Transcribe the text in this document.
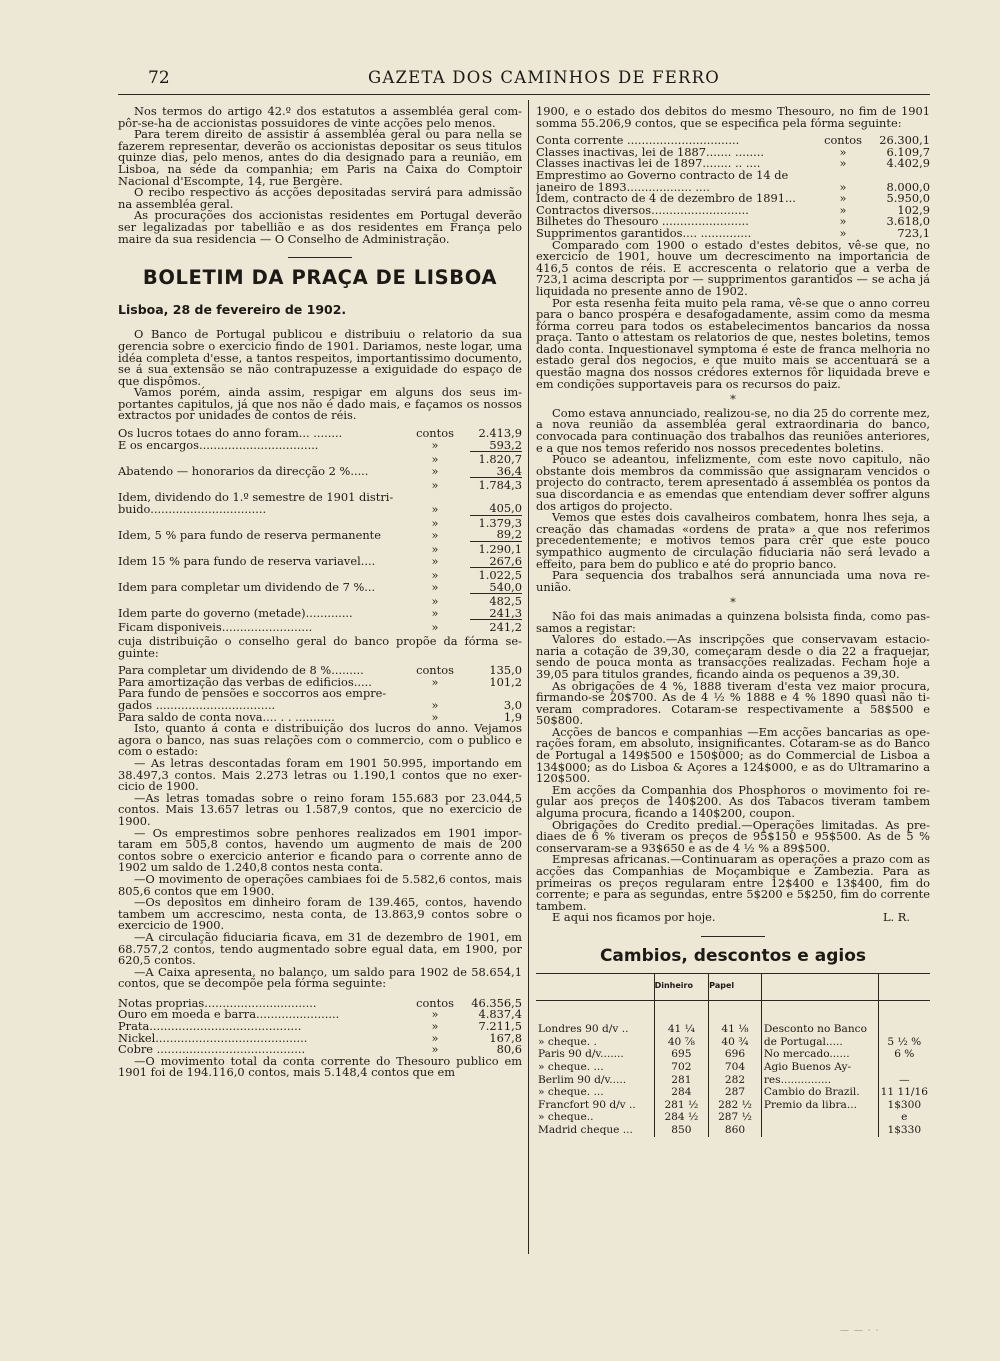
72	GAZETA DOS CAMINHOS DE FERRO

Nos termos do artigo 42.º dos estatutos a assembléa geral compôr-se-ha de accionistas possuidores de vinte acções pelo menos.

Para terem direito de assistir á assembléa geral ou para nella se fazerem representar, deverão os accionistas depositar os seus titulos quinze dias, pelo menos, antes do dia designado para a reunião, em Lisboa, na séde da companhia; em Paris na Caixa do Comptoir Nacional d'Escompte, 14, rue Bergère.

O recibo respectivo ás acções depositadas servirá para admissão na assembléa geral.

As procurações dos accionistas residentes em Portugal deverão ser legalizadas por tabellião e as dos residentes em França pelo maire da sua residencia — O Conselho de Administração.

BOLETIM DA PRAÇA DE LISBOA
Lisboa, 28 de fevereiro de 1902.

O Banco de Portugal publicou e distribuiu o relatorio da sua gerencia sobre o exercicio findo de 1901. Dariamos, neste logar, uma idéa completa d'esse, a tantos respeitos, importantissimo documento, se á sua extensão se não contrapuzesse a exiguidade do espaço de que dispômos.

Vamos porém, ainda assim, respigar em alguns dos seus importantes capitulos, já que nos não é dado mais, e façamos os nossos extractos por unidades de contos de réis.

Os lucros totaes do anno foram... ........	contos	2.413,9
E os encargos.................................	»	593,2
	»	1.820,7
Abatendo — honorarios da direcção 2 %.....	»	36,4
	»	1.784,3
Idem, dividendo do 1.º semestre de 1901 distribuido................................	»	405,0
	»	1.379,3
Idem, 5 % para fundo de reserva permanente	»	89,2
	»	1.290,1
Idem 15 % para fundo de reserva variavel....	»	267,6
	»	1.022,5
Idem para completar um dividendo de 7 %...	»	540,0
	»	482,5
Idem parte do governo (metade).............	»	241,3
Ficam disponiveis.........................	»	241,2

cuja distribuição o conselho geral do banco propõe da fórma seguinte:

Para completar um dividendo de 8 %.........	contos	135,0
Para amortização das verbas de edificios.....	»	101,2
Para fundo de pensões e soccorros aos empregados .................................	»	3,0
Para saldo de conta nova.... . . ...........	»	1,9

Isto, quanto á conta e distribuição dos lucros do anno. Vejamos agora o banco, nas suas relações com o commercio, com o publico e com o estado:

— As letras descontadas foram em 1901 50.995, importando em 38.497,3 contos. Mais 2.273 letras ou 1.190,1 contos que no exercicio de 1900.

—As letras tomadas sobre o reino foram 155.683 por 23.044,5 contos. Mais 13.657 letras ou 1.587,9 contos, que no exercicio de 1900.

— Os emprestimos sobre penhores realizados em 1901 importaram em 505,8 contos, havendo um augmento de mais de 200 contos sobre o exercicio anterior e ficando para o corrente anno de 1902 um saldo de 1.240,8 contos nesta conta.

—O movimento de operações cambiaes foi de 5.582,6 contos, mais 805,6 contos que em 1900.

—Os depositos em dinheiro foram de 139.465, contos, havendo tambem um accrescimo, nesta conta, de 13.863,9 contos sobre o exercicio de 1900.

—A circulação fiduciaria ficava, em 31 de dezembro de 1901, em 68.757,2 contos, tendo augmentado sobre egual data, em 1900, por 620,5 contos.

—A Caixa apresenta, no balanço, um saldo para 1902 de 58.654,1 contos, que se decompõe pela fórma seguinte:

Notas proprias...............................	contos	46.356,5
Ouro em moeda e barra.......................	»	4.837,4
Prata..........................................	»	7.211,5
Nickel..........................................	»	167,8
Cobre .........................................	»	80,6

—O movimento total da conta corrente do Thesouro publico em 1901 foi de 194.116,0 contos, mais 5.148,4 contos que em

1900, e o estado dos debitos do mesmo Thesouro, no fim de 1901 somma 55.206,9 contos, que se especifica pela fórma seguinte:

Conta corrente ...............................	contos	26.300,1
Classes inactivas, lei de 1887....... ........	»	6.109,7
Classes inactivas lei de 1897........ .. ....	»	4.402,9
Emprestimo ao Governo contracto de 14 de janeiro de 1893.................. ....	»	8.000,0
Idem, contracto de 4 de dezembro de 1891...	»	5.950,0
Contractos diversos...........................	»	102,9
Bilhetes do Thesouro ........................	»	3.618,0
Supprimentos garantidos.... ..............	»	723,1

Comparado com 1900 o estado d'estes debitos, vê-se que, no exercicio de 1901, houve um decrescimento na importancia de 416,5 contos de réis. E accrescenta o relatorio que a verba de 723,1 acima descripta por — supprimentos garantidos — se acha já liquidada no presente anno de 1902.

Por esta resenha feita muito pela rama, vê-se que o anno correu para o banco prospéra e desafogadamente, assim como da mesma fórma correu para todos os estabelecimentos bancarios da nossa praça. Tanto o attestam os relatorios de que, nestes boletins, temos dado conta. Inquestionavel symptoma é este de franca melhoria no estado geral dos negocios, e que muito mais se accentuará se a questão magna dos nossos crédores externos fôr liquidada breve e em condições supportaveis para os recursos do paiz.

*

Como estava annunciado, realizou-se, no dia 25 do corrente mez, a nova reunião da assembléa geral extraordinaria do banco, convocada para continuação dos trabalhos das reuniões anteriores, e a que nos temos referido nos nossos precedentes boletins.

Pouco se adeantou, infelizmente, com este novo capitulo, não obstante dois membros da commissão que assignaram vencidos o projecto do contracto, terem apresentado á assembléa os pontos da sua discordancia e as emendas que entendiam dever soffrer alguns dos artigos do projecto.

Vemos que estes dois cavalheiros combatem, honra lhes seja, a creação das chamadas «ordens de prata» a que nos referimos precedentemente; e motivos temos para crêr que este pouco sympathico augmento de circulação fiduciaria não será levado a effeito, para bem do publico e até do proprio banco.

Para sequencia dos trabalhos será annunciada uma nova reunião.

*

Não foi das mais animadas a quinzena bolsista finda, como passamos a registar:

Valores do estado.—As inscripções que conservavam estacionaria a cotação de 39,30, começaram desde o dia 22 a fraquejar, sendo de pouca monta as transacções realizadas. Fecham hoje a 39,05 para titulos grandes, ficando ainda os pequenos a 39,30.

As obrigações de 4 %, 1888 tiveram d'esta vez maior procura, firmando-se 20$700. As de 4 ½ % 1888 e 4 % 1890 quasi não tiveram compradores. Cotaram-se respectivamente a 58$500 e 50$800.

Acções de bancos e companhias —Em acções bancarias as operações foram, em absoluto, insignificantes. Cotaram-se as do Banco de Portugal a 149$500 e 150$000; as do Commercial de Lisboa a 134$000; as do Lisboa & Açores a 124$000, e as do Ultramarino a 120$500.

Em acções da Companhia dos Phosphoros o movimento foi regular aos preços de 140$200. As dos Tabacos tiveram tambem alguma procura, ficando a 140$200, coupon.

Obrigações do Credito predial.—Operações limitadas. As prediaes de 6 % tiveram os preços de 95$150 e 95$500. As de 5 % conservaram-se a 93$650 e as de 4 ½ % a 89$500.

Empresas africanas.—Continuaram as operações a prazo com as acções das Companhias de Moçambique e Zambezia. Para as primeiras os preços regularam entre 12$400 e 13$400, fim do corrente; e para as segundas, entre 5$200 e 5$250, fim do corrente tambem.

E aqui nos ficamos por hoje.	L. R.

Cambios, descontos e agios
	Dinheiro	Papel		

Londres 90 d/v ..	41 ¼	41 ⅛	Desconto no Banco	
» cheque. .	40 ⅞	40 ¾	de Portugal.....	5 ½ %
Paris 90 d/v.......	695	696	No mercado......	6 %
» cheque. ...	702	704	Agio Buenos Ay-	
Berlim 90 d/v.....	281	282	res...............	—
» cheque. ...	284	287	Cambio do Brazil.	11 11/16
Francfort 90 d/v ..	281 ½	282 ½	Premio da libra...	1$300
» cheque..	284 ½	287 ½		e
Madrid cheque ...	850	860		1$330
— — · ·
